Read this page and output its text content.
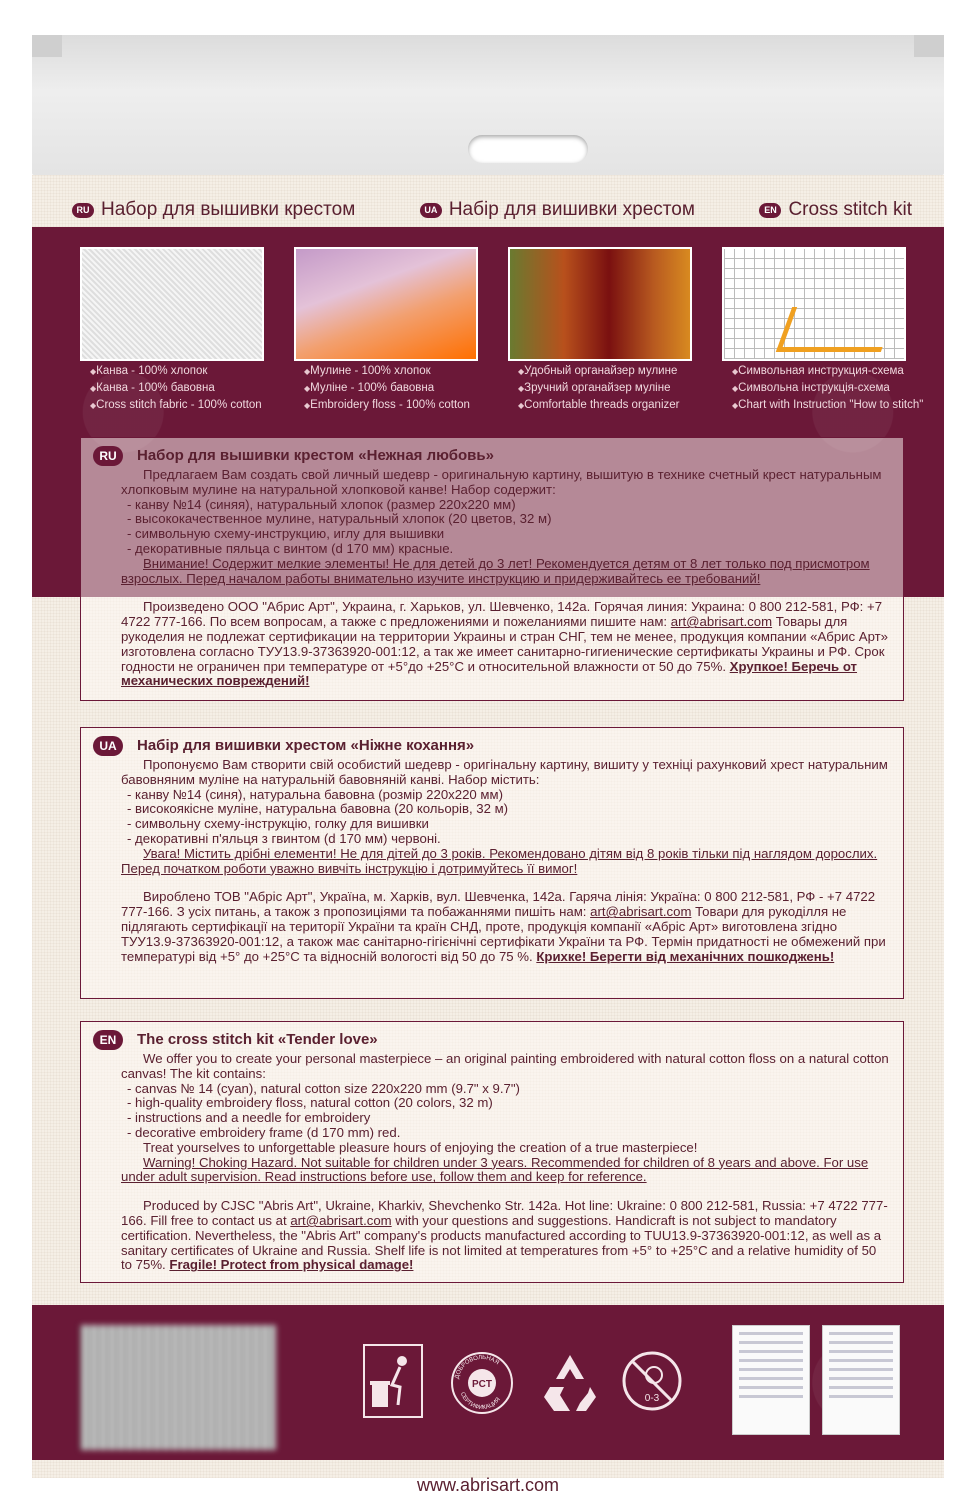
RU Набор для вышивки крестом	UA Набір для вишивки хрестом	EN Cross stitch kit
◆ Канва - 100% хлопок
◆ Канва - 100% бавовна
◆ Cross stitch fabric - 100% cotton
◆ Мулине - 100% хлопок
◆ Муліне - 100% бавовна
◆ Embroidery floss - 100% cotton
◆ Удобный органайзер мулине
◆ Зручний органайзер муліне
◆ Comfortable threads organizer
◆ Символьная инструкция-схема
◆ Символьна інструкція-схема
◆ Chart with Instruction "How to stitch"
RU	Набор для вышивки крестом «Нежная любовь»
Предлагаем Вам создать свой личный шедевр - оригинальную картину, вышитую в технике счетный крест натуральным хлопковым мулине на натуральной хлопковой канве! Набор содержит:
- канву №14 (синяя), натуральный хлопок (размер 220х220 мм)
- высококачественное мулине, натуральный хлопок (20 цветов, 32 м)
- символьную схему-инструкцию, иглу для вышивки
- декоративные пяльца с винтом (d 170 мм) красные.
Внимание! Содержит мелкие элементы! Не для детей до 3 лет! Рекомендуется детям от 8 лет только под присмотром взрослых. Перед началом работы внимательно изучите инструкцию и придерживайтесь ее требований!
Произведено ООО "Абрис Арт", Украина, г. Харьков, ул. Шевченко, 142а. Горячая линия: Украина: 0 800 212-581, РФ: +7 4722 777-166. По всем вопросам, а также с предложениями и пожеланиями пишите нам: art@abrisart.com Товары для рукоделия не подлежат сертификации на территории Украины и стран СНГ, тем не менее, продукция компании «Абрис Арт» изготовлена согласно ТУУ13.9-37363920-001:12, а так же имеет санитарно-гигиенические сертификаты Украины и РФ. Срок годности не ограничен при температуре от +5°до +25°С и относительной влажности от 50 до 75%. Хрупкое! Беречь от механических повреждений!
UA	Набір для вишивки хрестом «Ніжне кохання»
Пропонуємо Вам створити свій особистий шедевр - оригінальну картину, вишиту у техніці рахунковий хрест натуральним бавовняним муліне на натуральній бавовняній канві. Набор містить:
- канву №14 (синя), натуральна бавовна (розмір 220х220 мм)
- високоякісне муліне, натуральна бавовна (20 кольорів, 32 м)
- символьну схему-інструкцію, голку для вишивки
- декоративні п'яльця з гвинтом (d 170 мм) червоні.
Увага! Містить дрібні елементи! Не для дітей до 3 років. Рекомендовано дітям від 8 років тільки під наглядом дорослих. Перед початком роботи уважно вивчіть інструкцію і дотримуйтесь її вимог!
Вироблено ТОВ "Абріс Арт", Україна, м. Харків, вул. Шевченка, 142а. Гаряча лінія: Україна: 0 800 212-581, РФ - +7 4722 777-166. З усіх питань, а також з пропозиціями та побажаннями пишіть нам: art@abrisart.com Товари для рукоділля не підлягають сертифікації на території України та країн СНД, проте, продукція компанії «Абріс Арт» виготовлена згідно ТУУ13.9-37363920-001:12, а також має санітарно-гігієнічні сертифікати України та РФ. Термін придатності не обмежений при температурі від +5° до +25°С та відносній вологості від 50 до 75 %. Крихке! Берегти від механічних пошкоджень!
EN	The cross stitch kit «Tender love»
We offer you to create your personal masterpiece – an original painting embroidered with natural cotton floss on a natural cotton canvas! The kit contains:
- canvas № 14 (cyan), natural cotton size 220x220 mm (9.7" x 9.7")
- high-quality embroidery floss, natural cotton (20 colors, 32 m)
- instructions and a needle for embroidery
- decorative embroidery frame (d 170 mm) red.
Treat yourselves to unforgettable pleasure hours of enjoying the creation of a true masterpiece!
Warning! Choking Hazard. Not suitable for children under 3 years. Recommended for children of 8 years and above. For use under adult supervision. Read instructions before use, follow them and keep for reference.
Produced by CJSC "Abris Art", Ukraine, Kharkiv, Shevchenko Str. 142a. Hot line: Ukraine: 0 800 212-581, Russia: +7 4722 777-166. Fill free to contact us at art@abrisart.com with your questions and suggestions. Handicraft is not subject to mandatory certification. Nevertheless, the "Abris Art" company's products manufactured according to TUU13.9-37363920-001:12, as well as a sanitary certificates of Ukraine and Russia. Shelf life is not limited at temperatures from +5° to +25°C and a relative humidity of 50 to 75%. Fragile! Protect from physical damage!
ДОБРОВОЛЬНАЯ
СЕРТИФИКАЦИЯ
PCT
0-3
www.abrisart.com
